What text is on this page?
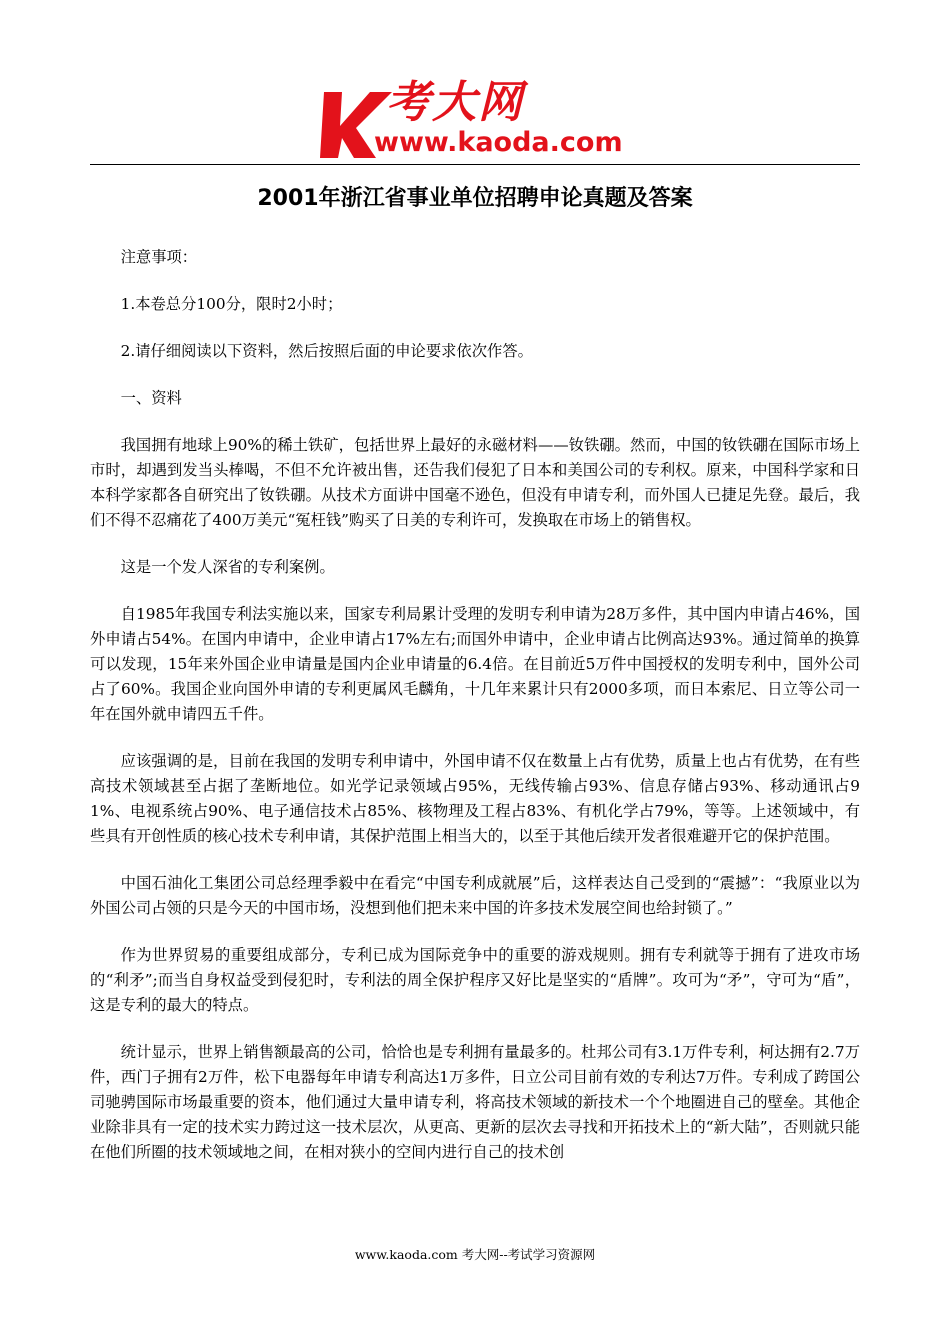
考大网
www.kaoda.com
2001年浙江省事业单位招聘申论真题及答案

注意事项：

1.本卷总分100分，限时2小时；

2.请仔细阅读以下资料，然后按照后面的申论要求依次作答。

一、资料

我国拥有地球上90%的稀土铁矿，包括世界上最好的永磁材料——钕铁硼。然而，中国的钕铁硼在国际市场上市时，却遇到发当头棒喝，不但不允许被出售，还告我们侵犯了日本和美国公司的专利权。原来，中国科学家和日本科学家都各自研究出了钕铁硼。从技术方面讲中国毫不逊色，但没有申请专利，而外国人已捷足先登。最后，我们不得不忍痛花了400万美元“冤枉钱”购买了日美的专利许可，发换取在市场上的销售权。

这是一个发人深省的专利案例。

自1985年我国专利法实施以来，国家专利局累计受理的发明专利申请为28万多件，其中国内申请占46%，国外申请占54%。在国内申请中，企业申请占17%左右;而国外申请中，企业申请占比例高达93%。通过简单的换算可以发现，15年来外国企业申请量是国内企业申请量的6.4倍。在目前近5万件中国授权的发明专利中，国外公司占了60%。我国企业向国外申请的专利更属风毛麟角，十几年来累计只有2000多项，而日本索尼、日立等公司一年在国外就申请四五千件。

应该强调的是，目前在我国的发明专利申请中，外国申请不仅在数量上占有优势，质量上也占有优势，在有些高技术领域甚至占据了垄断地位。如光学记录领域占95%，无线传输占93%、信息存储占93%、移动通讯占91%、电视系统占90%、电子通信技术占85%、核物理及工程占83%、有机化学占79%，等等。上述领域中，有些具有开创性质的核心技术专利申请，其保护范围上相当大的，以至于其他后续开发者很难避开它的保护范围。

中国石油化工集团公司总经理季毅中在看完“中国专利成就展”后，这样表达自己受到的“震撼”：“我原业以为外国公司占领的只是今天的中国市场，没想到他们把未来中国的许多技术发展空间也给封锁了。”

作为世界贸易的重要组成部分，专利已成为国际竞争中的重要的游戏规则。拥有专利就等于拥有了进攻市场的“利矛”;而当自身权益受到侵犯时，专利法的周全保护程序又好比是坚实的“盾牌”。攻可为“矛”，守可为“盾”，这是专利的最大的特点。

统计显示，世界上销售额最高的公司，恰恰也是专利拥有量最多的。杜邦公司有3.1万件专利，柯达拥有2.7万件，西门子拥有2万件，松下电器每年申请专利高达1万多件，日立公司目前有效的专利达7万件。专利成了跨国公司驰骋国际市场最重要的资本，他们通过大量申请专利，将高技术领域的新技术一个个地圈进自己的壁垒。其他企业除非具有一定的技术实力跨过这一技术层次，从更高、更新的层次去寻找和开拓技术上的“新大陆”，否则就只能在他们所圈的技术领域地之间，在相对狭小的空间内进行自己的技术创

www.kaoda.com 考大网--考试学习资源网
